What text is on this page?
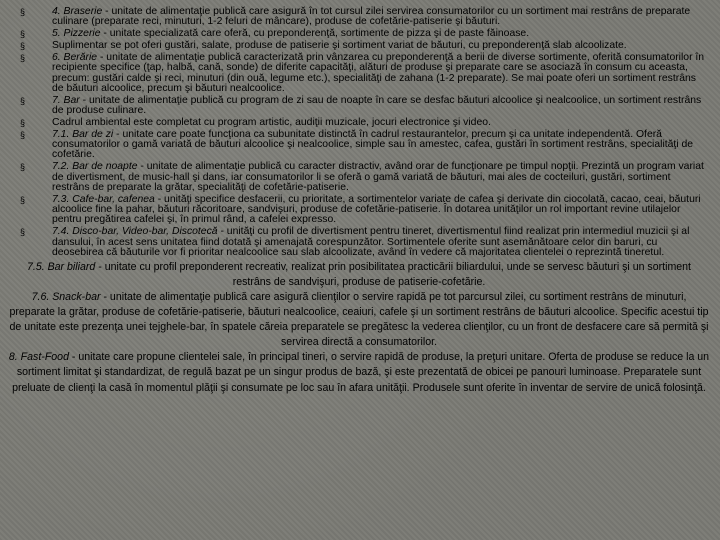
§	4. Braserie - unitate de alimentaţie publică care asigură în tot cursul zilei servirea consumatorilor cu un sortiment mai restrâns de preparate culinare (preparate reci, minuturi, 1-2 feluri de mâncare), produse de cofetărie-patiserie şi băuturi.
§	5. Pizzerie - unitate specializată care oferă, cu preponderenţă, sortimente de pizza şi de paste făinoase.
§	Suplimentar se pot oferi gustări, salate, produse de patiserie şi sortiment variat de băuturi, cu preponderenţă slab alcoolizate.
§	6. Berărie - unitate de alimentaţie publică caracterizată prin vânzarea cu preponderenţă a berii de diverse sortimente, oferită consumatorilor în recipiente specifice (ţap, halbă, cană, sonde) de diferite capacităţi, alături de produse şi preparate care se asociază în consum cu aceasta, precum: gustări calde şi reci, minuturi (din ouă, legume etc.), specialităţi de zahana (1-2 preparate). Se mai poate oferi un sortiment restrâns de băuturi alcoolice, precum şi băuturi nealcoolice.
§	7. Bar - unitate de alimentaţie publică cu program de zi sau de noapte în care se desfac băuturi alcoolice şi nealcoolice, un sortiment restrâns de produse culinare.
§	Cadrul ambiental este completat cu program artistic, audiţii muzicale, jocuri electronice şi video.
§	7.1. Bar de zi - unitate care poate funcţiona ca subunitate distinctă în cadrul restaurantelor, precum şi ca unitate independentă. Oferă consumatorilor o gamă variată de băuturi alcoolice şi nealcoolice, simple sau în amestec, cafea, gustări în sortiment restrâns, specialităţi de cofetărie.
§	7.2. Bar de noapte - unitate de alimentaţie publică cu caracter distractiv, având orar de funcţionare pe timpul nopţii. Prezintă un program variat de divertisment, de music-hall şi dans, iar consumatorilor li se oferă o gamă variată de băuturi, mai ales de cocteiluri, gustări, sortiment restrâns de preparate la grătar, specialităţi de cofetărie-patiserie.
§	7.3. Cafe-bar, cafenea - unităţi specifice desfacerii, cu prioritate, a sortimentelor variate de cafea şi derivate din ciocolată, cacao, ceai, băuturi alcoolice fine la pahar, băuturi răcoritoare, sandvişuri, produse de cofetărie-patiserie. În dotarea unităţilor un rol important revine utilajelor pentru pregătirea cafelei şi, în primul rând, a cafelei expresso.
§	7.4. Disco-bar, Video-bar, Discotecă - unităţi cu profil de divertisment pentru tineret, divertismentul fiind realizat prin intermediul muzicii şi al dansului, în acest sens unitatea fiind dotată şi amenajată corespunzător. Sortimentele oferite sunt asemănătoare celor din baruri, cu deosebirea că băuturile vor fi prioritar nealcoolice sau slab alcoolizate, având în vedere că majoritatea clientelei o reprezintă tineretul.

7.5. Bar biliard - unitate cu profil preponderent recreativ, realizat prin posibilitatea practicării biliardului, unde se servesc băuturi şi un sortiment restrâns de sandvişuri, produse de patiserie-cofetărie.

7.6. Snack-bar - unitate de alimentaţie publică care asigură clienţilor o servire rapidă pe tot parcursul zilei, cu sortiment restrâns de minuturi, preparate la grătar, produse de cofetărie-patiserie, băuturi nealcoolice, ceaiuri, cafele şi un sortiment restrâns de băuturi alcoolice. Specific acestui tip de unitate este prezenţa unei tejghele-bar, în spatele căreia preparatele se pregătesc la vederea clienţilor, cu un front de desfacere care să permită şi servirea directă a consumatorilor.

8. Fast-Food - unitate care propune clientelei sale, în principal tineri, o servire rapidă de produse, la preţuri unitare. Oferta de produse se reduce la un sortiment limitat şi standardizat, de regulă bazat pe un singur produs de bază, şi este prezentată de obicei pe panouri luminoase. Preparatele sunt preluate de clienţi la casă în momentul plăţii şi consumate pe loc sau în afara unităţii. Produsele sunt oferite în inventar de servire de unică folosinţă.
